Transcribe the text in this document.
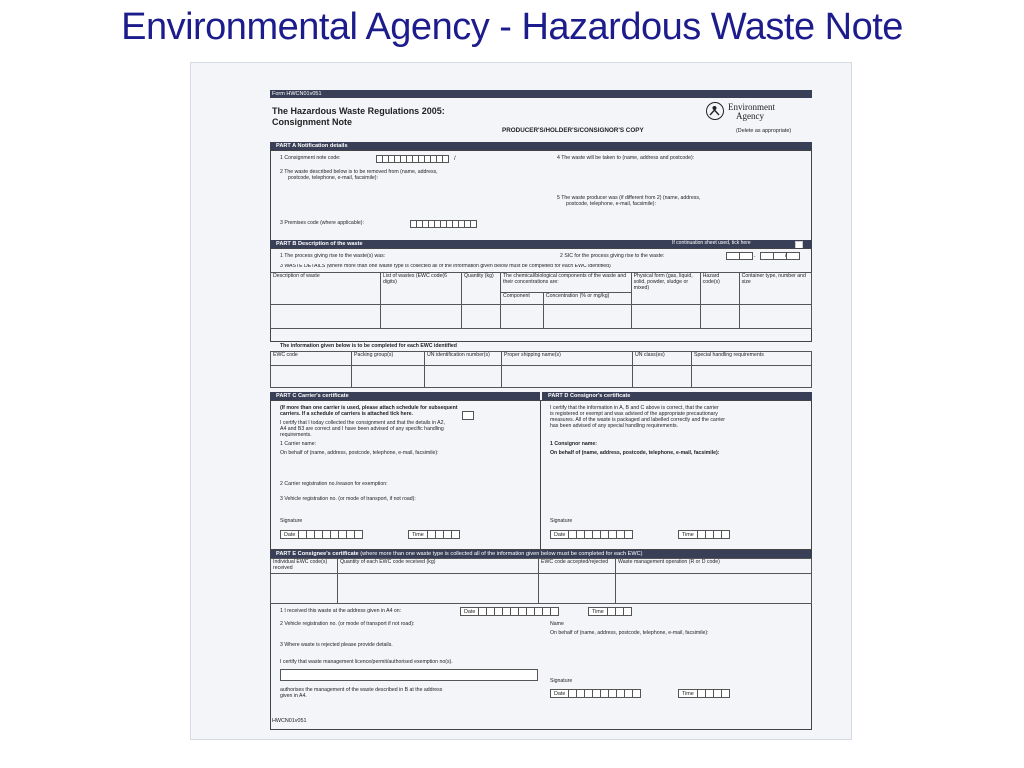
Environmental Agency - Hazardous Waste Note
Form HWCN01v051
The Hazardous Waste Regulations 2005:
Consignment Note
Environment
Agency
PRODUCER'S/HOLDER'S/CONSIGNOR'S COPY	(Delete as appropriate)
PART A Notification details
1 Consignment note code:	/
2 The waste described below is to be removed from (name, address,
postcode, telephone, e-mail, facsimile):
3 Premises code (where applicable):
4 The waste will be taken to (name, address and postcode):
5 The waste producer was (if different from 2) (name, address,
postcode, telephone, e-mail, facsimile):
PART B Description of the waste	If continuation sheet used, tick here
1 The process giving rise to the waste(s) was:	2 SIC for the process giving rise to the waste:	.	/
3 WASTE DETAILS (where more than one waste type is collected all of the information given below must be completed for each EWC identified)
Description of waste	List of wastes (EWC code(6 digits)	Quantity (kg)	The chemical/biological components of the waste and their concentrations are:		Physical form (gas, liquid, solid, powder, sludge or mixed)	Hazard code(s)	Container type, number and size
			Component	Concentration (% or mg/kg)			

The information given below is to be completed for each EWC identified
EWC code	Packing group(s)	UN identification number(s)	Proper shipping name(s)	UN class(es)	Special handling requirements

PART C Carrier's certificate	PART D Consignor's certificate
(If more than one carrier is used, please attach schedule for subsequent
carriers. If a schedule of carriers is attached tick here.
I certify that I today collected the consignment and that the details in A2,
A4 and B3 are correct and I have been advised of any specific handling
requirements.
1 Carrier name:
On behalf of (name, address, postcode, telephone, e-mail, facsimile):
2 Carrier registration no./reason for exemption:
3 Vehicle registration no. (or mode of transport, if not road):
Signature
Date	Time
I certify that the information in A, B and C above is correct, that the carrier
is registered or exempt and was advised of the appropriate precautionary
measures. All of the waste is packaged and labelled correctly and the carrier
has been advised of any special handling requirements.
1 Consignor name:
On behalf of (name, address, postcode, telephone, e-mail, facsimile):
Signature
Date	Time
PART E Consignee's certificate (where more than one waste type is collected all of the information given below must be completed for each EWC)
Individual EWC code(s) received	Quantity of each EWC code received (kg)	EWC code accepted/rejected	Waste management operation (R or D code)

1 I received this waste at the address given in A4 on:	Date	Time
2 Vehicle registration no. (or mode of transport if not road):	Name
On behalf of (name, address, postcode, telephone, e-mail, facsimile):
3 Where waste is rejected please provide details.
I certify that waste management licence/permit/authorised exemption no(s).
authorises the management of the waste described in B at the address
given in A4.
Signature
Date	Time
HWCN01v051
